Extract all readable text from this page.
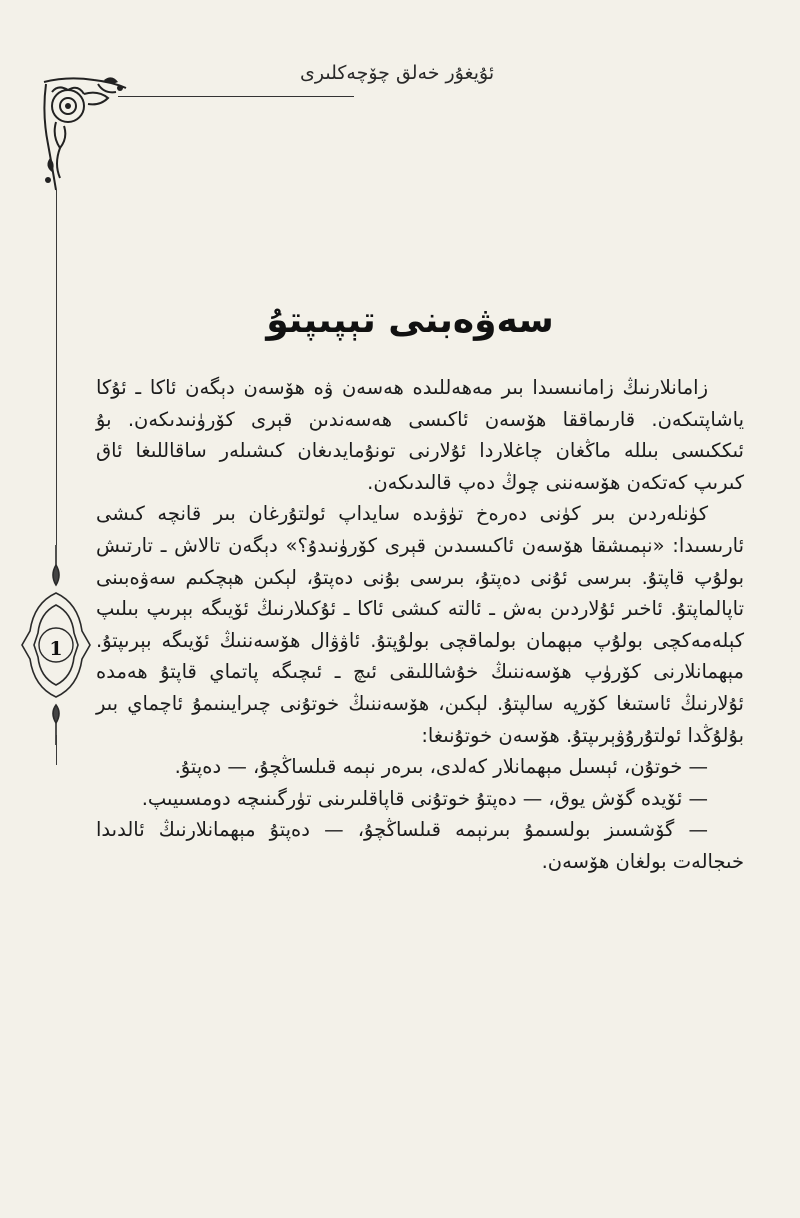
ئۇيغۇر خەلق چۆچەكلىرى
1
سەۋەبنى تېپىپتۇ

زامانلارنىڭ زامانىسىدا بىر مەھەللىدە ھەسەن ۋە ھۆسەن دېگەن ئاكا ـ ئۇكا ياشاپتىكەن. قارىماققا ھۆسەن ئاكىسى ھەسەندىن قېرى كۆرۈنىدىكەن. بۇ ئىككىسى بىللە ماڭغان چاغلاردا ئۇلارنى تونۇمايدىغان كىشىلەر ساقاللىغا ئاق كىرىپ كەتكەن ھۆسەننى چوڭ دەپ قالىدىكەن.

كۈنلەردىن بىر كۈنى دەرەخ تۈۋىدە سايداپ ئولتۇرغان بىر قانچە كىشى ئارىسىدا: «نېمىشقا ھۆسەن ئاكىسىدىن قېرى كۆرۈنىدۇ؟» دېگەن تالاش ـ تارتىش بولۇپ قاپتۇ. بىرسى ئۇنى دەپتۇ، بىرسى بۇنى دەپتۇ، لېكىن ھېچكىم سەۋەبىنى تاپالماپتۇ. ئاخىر ئۇلاردىن بەش ـ ئالتە كىشى ئاكا ـ ئۇكىلارنىڭ ئۆيىگە بېرىپ بىلىپ كېلەمەكچى بولۇپ مېھمان بولماقچى بولۇپتۇ. ئاۋۋال ھۆسەننىڭ ئۆيىگە بېرىپتۇ. مېھمانلارنى كۆرۈپ ھۆسەننىڭ خۇشاللىقى ئىچ ـ ئىچىگە پاتماي قاپتۇ ھەمدە ئۇلارنىڭ ئاستىغا كۆرپە سالپتۇ. لېكىن، ھۆسەننىڭ خوتۇنى چىرايىنىمۇ ئاچماي بىر بۇلۇڭدا ئولتۇرۇۋېرىپتۇ. ھۆسەن خوتۇنىغا:

— خوتۇن، ئېسىل مېھمانلار كەلدى، بىرەر نېمە قىلساڭچۇ، — دەپتۇ.

— ئۆيدە گۆش يوق، — دەپتۇ خوتۇنى قاپاقلىرىنى تۈرگىنىچە دومسىيىپ.

— گۆشسىز بولسىمۇ بىرنېمە قىلساڭچۇ، — دەپتۇ مېھمانلارنىڭ ئالدىدا خىجالەت بولغان ھۆسەن.
